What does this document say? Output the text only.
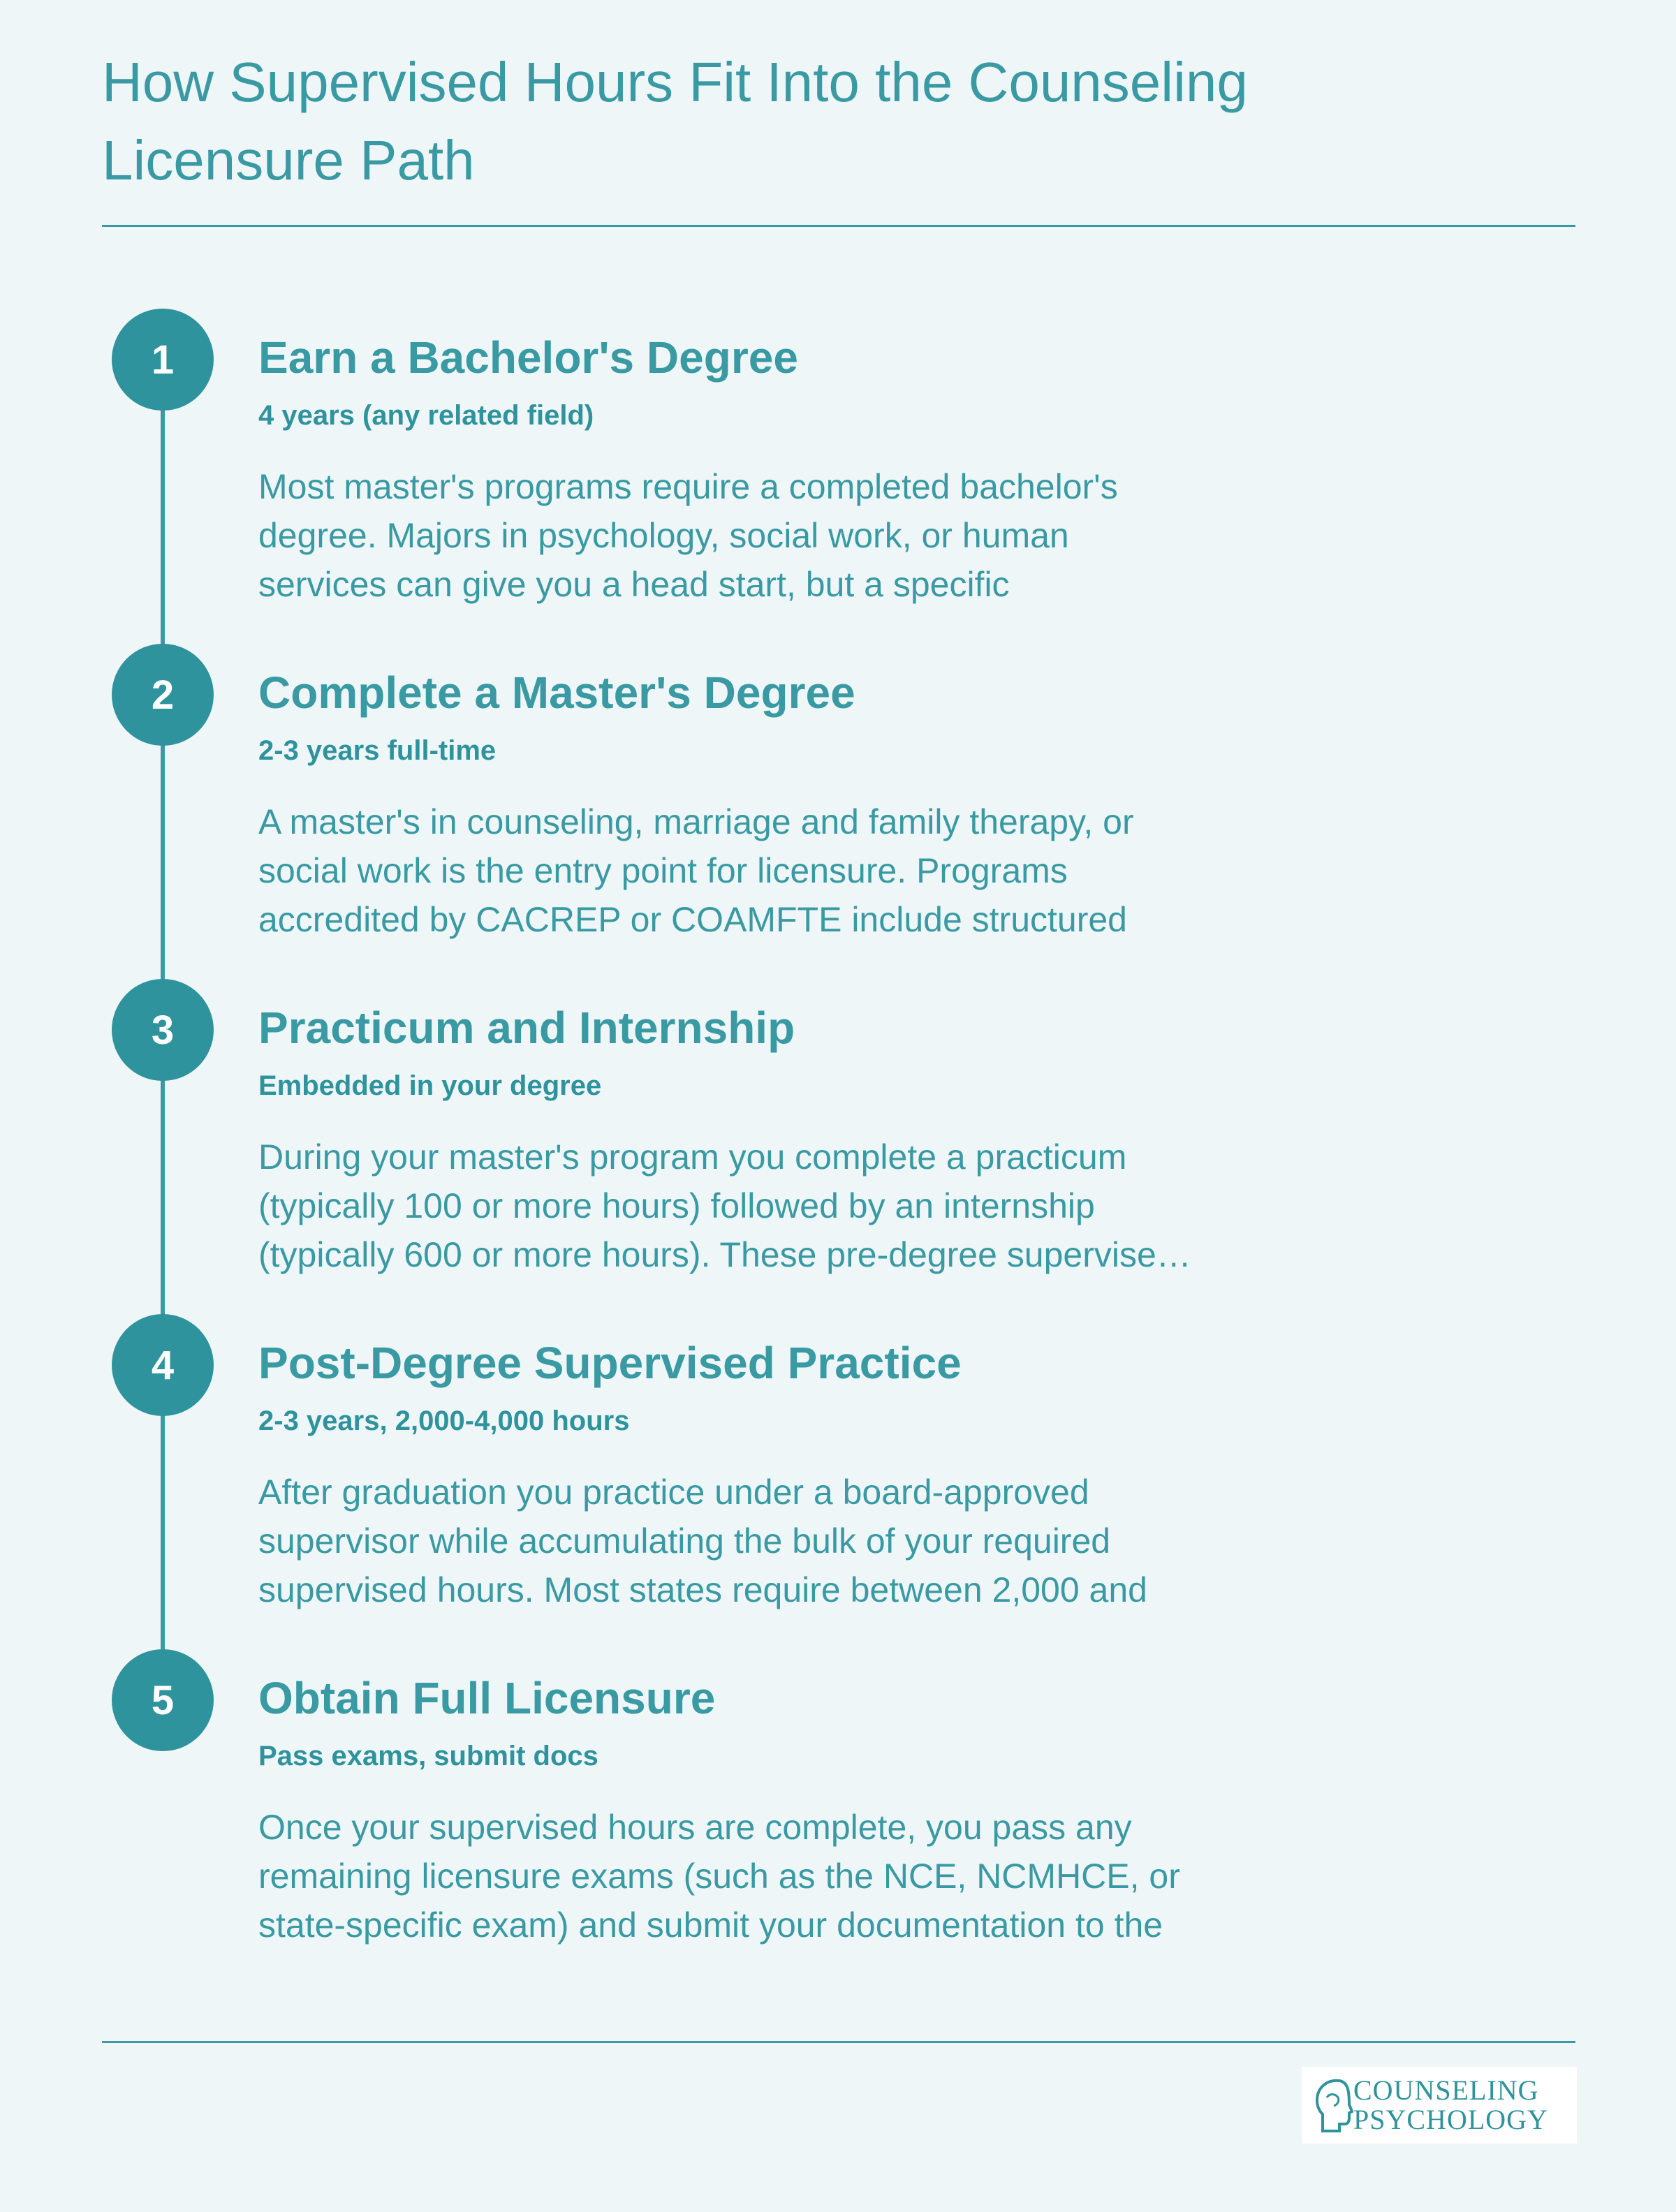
How Supervised Hours Fit Into the Counseling Licensure Path
1	Earn a Bachelor's Degree
4 years (any related field)
Most master's programs require a completed bachelor's
degree. Majors in psychology, social work, or human
services can give you a head start, but a specific
2	Complete a Master's Degree
2-3 years full-time
A master's in counseling, marriage and family therapy, or
social work is the entry point for licensure. Programs
accredited by CACREP or COAMFTE include structured
3	Practicum and Internship
Embedded in your degree
During your master's program you complete a practicum
(typically 100 or more hours) followed by an internship
(typically 600 or more hours). These pre-degree supervise…
4	Post-Degree Supervised Practice
2-3 years, 2,000-4,000 hours
After graduation you practice under a board-approved
supervisor while accumulating the bulk of your required
supervised hours. Most states require between 2,000 and
5	Obtain Full Licensure
Pass exams, submit docs
Once your supervised hours are complete, you pass any
remaining licensure exams (such as the NCE, NCMHCE, or
state-specific exam) and submit your documentation to the
COUNSELING
PSYCHOLOGY
